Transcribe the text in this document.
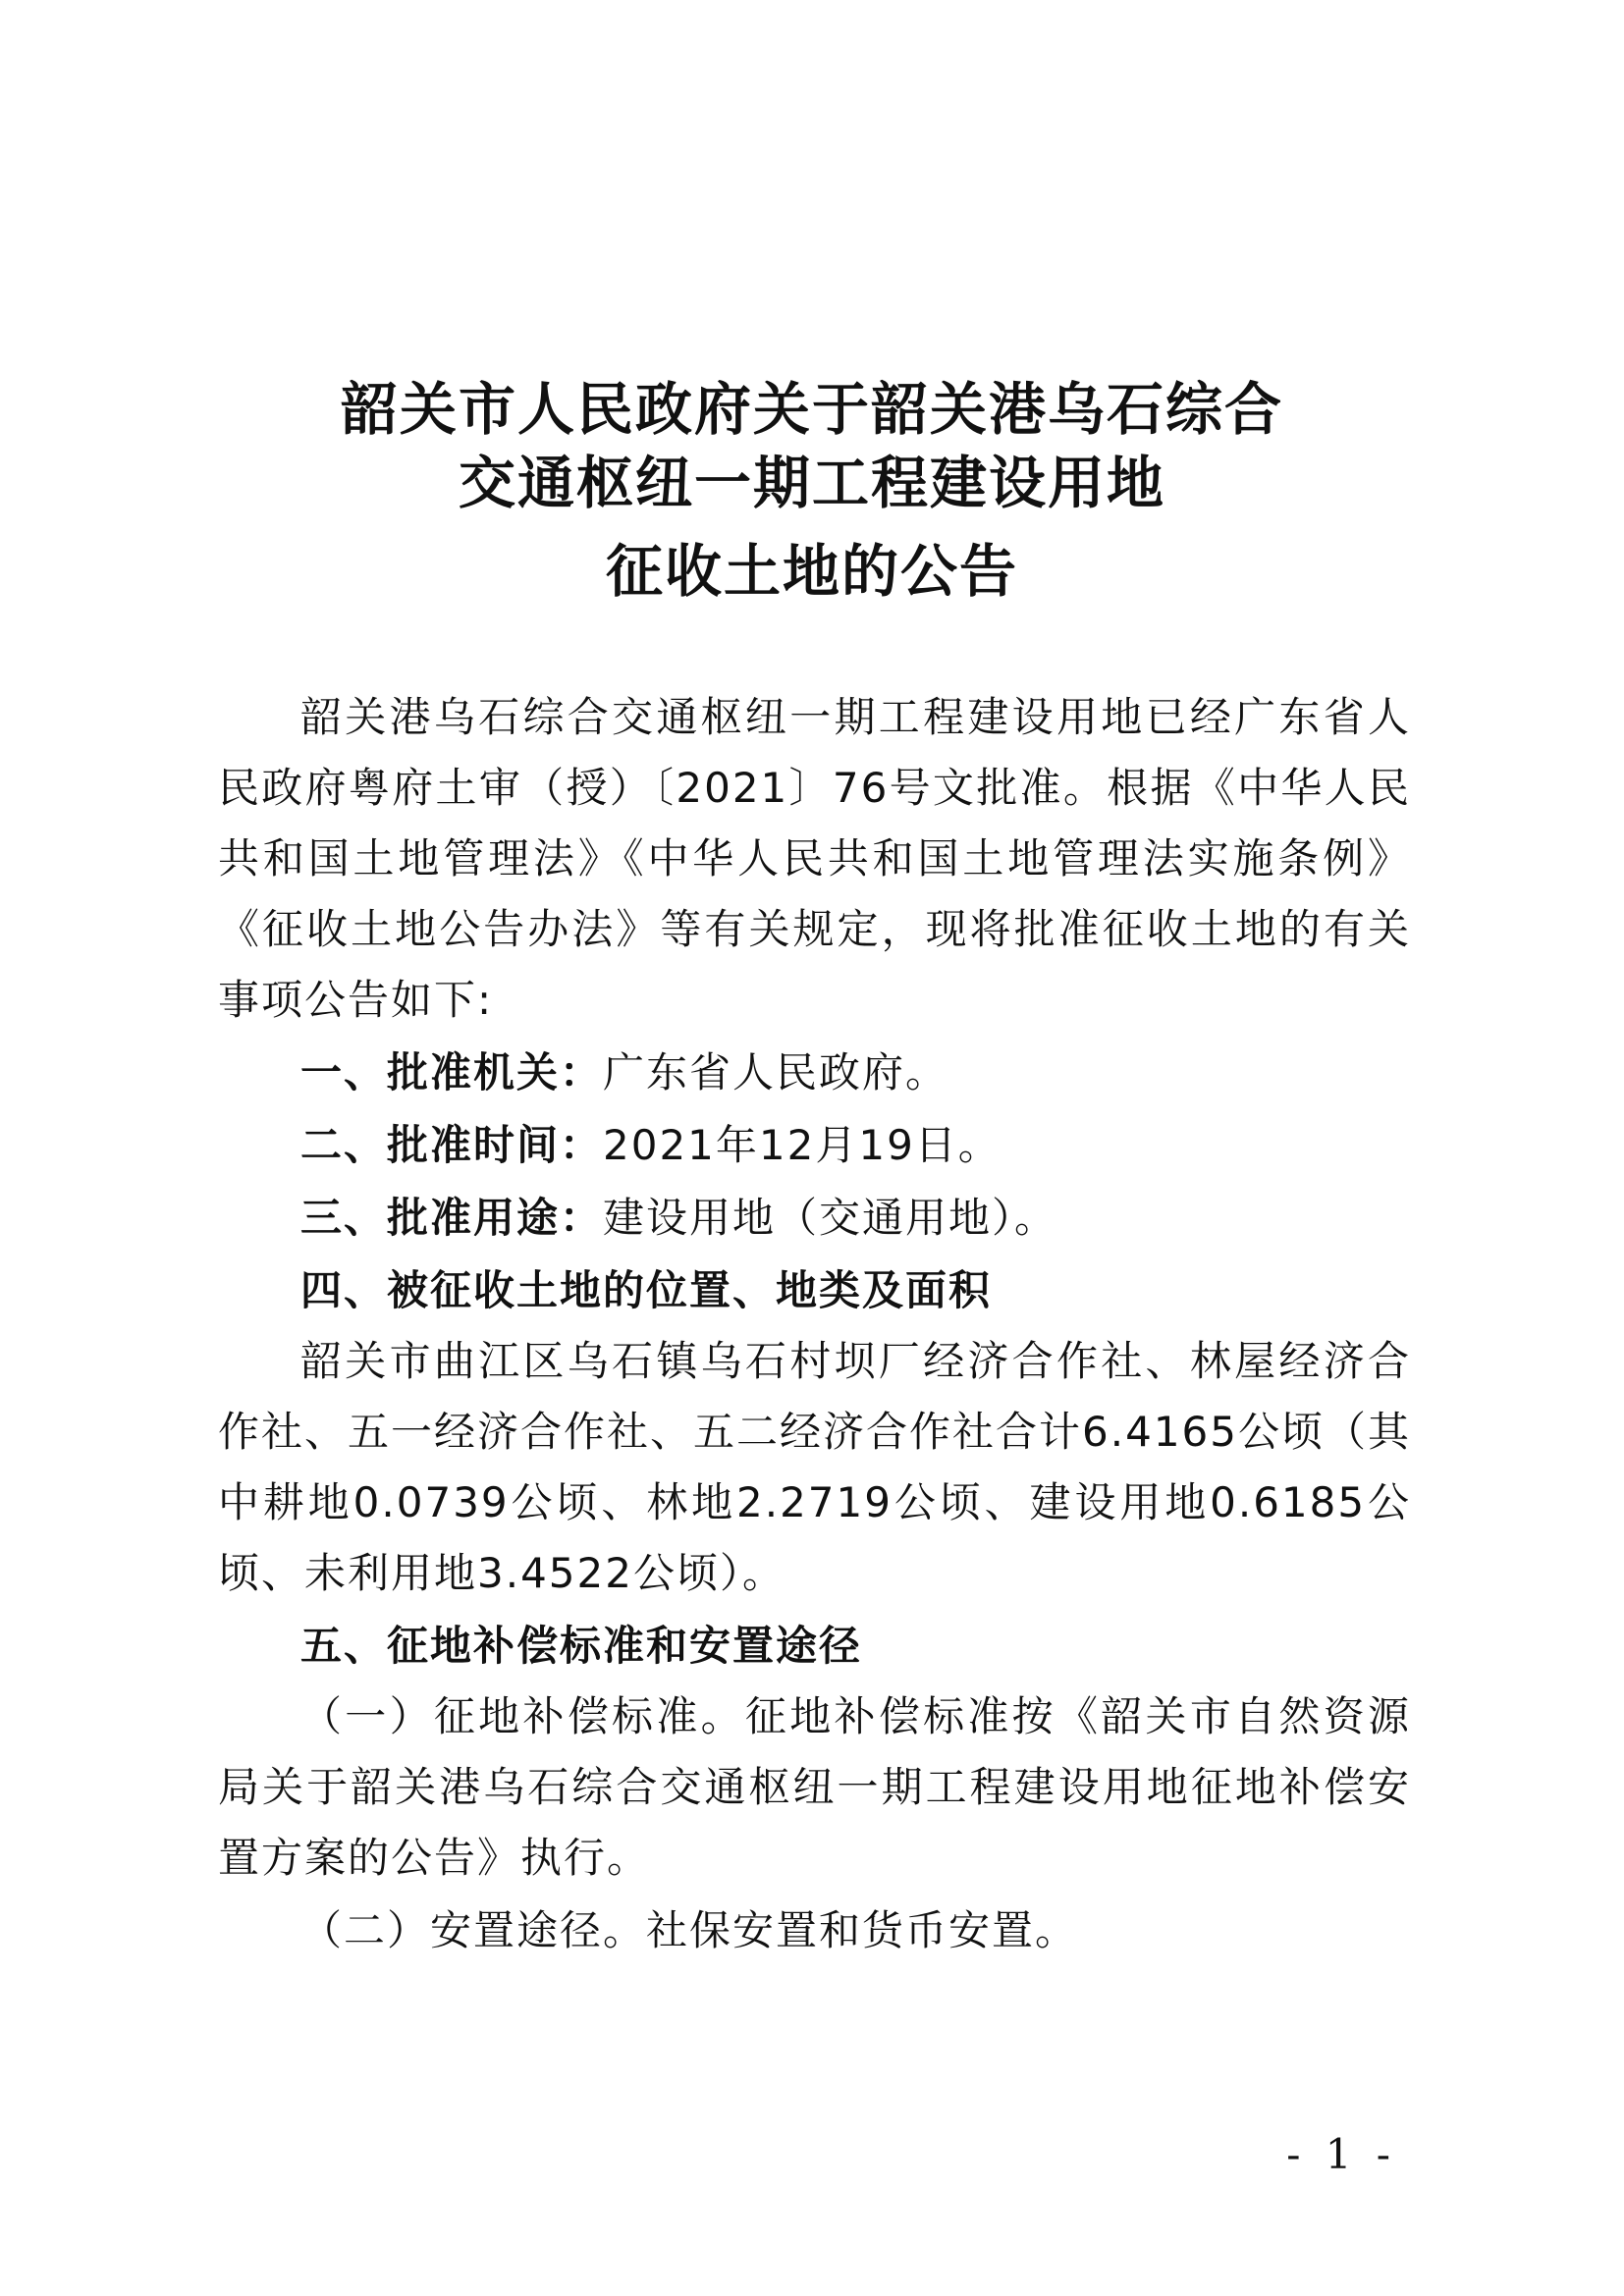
韶关市人民政府关于韶关港乌石综合
交通枢纽一期工程建设用地
征收土地的公告

韶关港乌石综合交通枢纽一期工程建设用地已经广东省人民政府粤府土审（授）〔2021〕76号文批准。根据《中华人民共和国土地管理法》《中华人民共和国土地管理法实施条例》《征收土地公告办法》等有关规定，现将批准征收土地的有关事项公告如下:

一、批准机关：广东省人民政府。

二、批准时间：2021年12月19日。

三、批准用途：建设用地（交通用地）。

四、被征收土地的位置、地类及面积

韶关市曲江区乌石镇乌石村坝厂经济合作社、林屋经济合作社、五一经济合作社、五二经济合作社合计6.4165公顷（其中耕地0.0739公顷、林地2.2719公顷、建设用地0.6185公顷、未利用地3.4522公顷）。

五、征地补偿标准和安置途径

（一）征地补偿标准。征地补偿标准按《韶关市自然资源局关于韶关港乌石综合交通枢纽一期工程建设用地征地补偿安置方案的公告》执行。

（二）安置途径。社保安置和货币安置。

- 1 -
